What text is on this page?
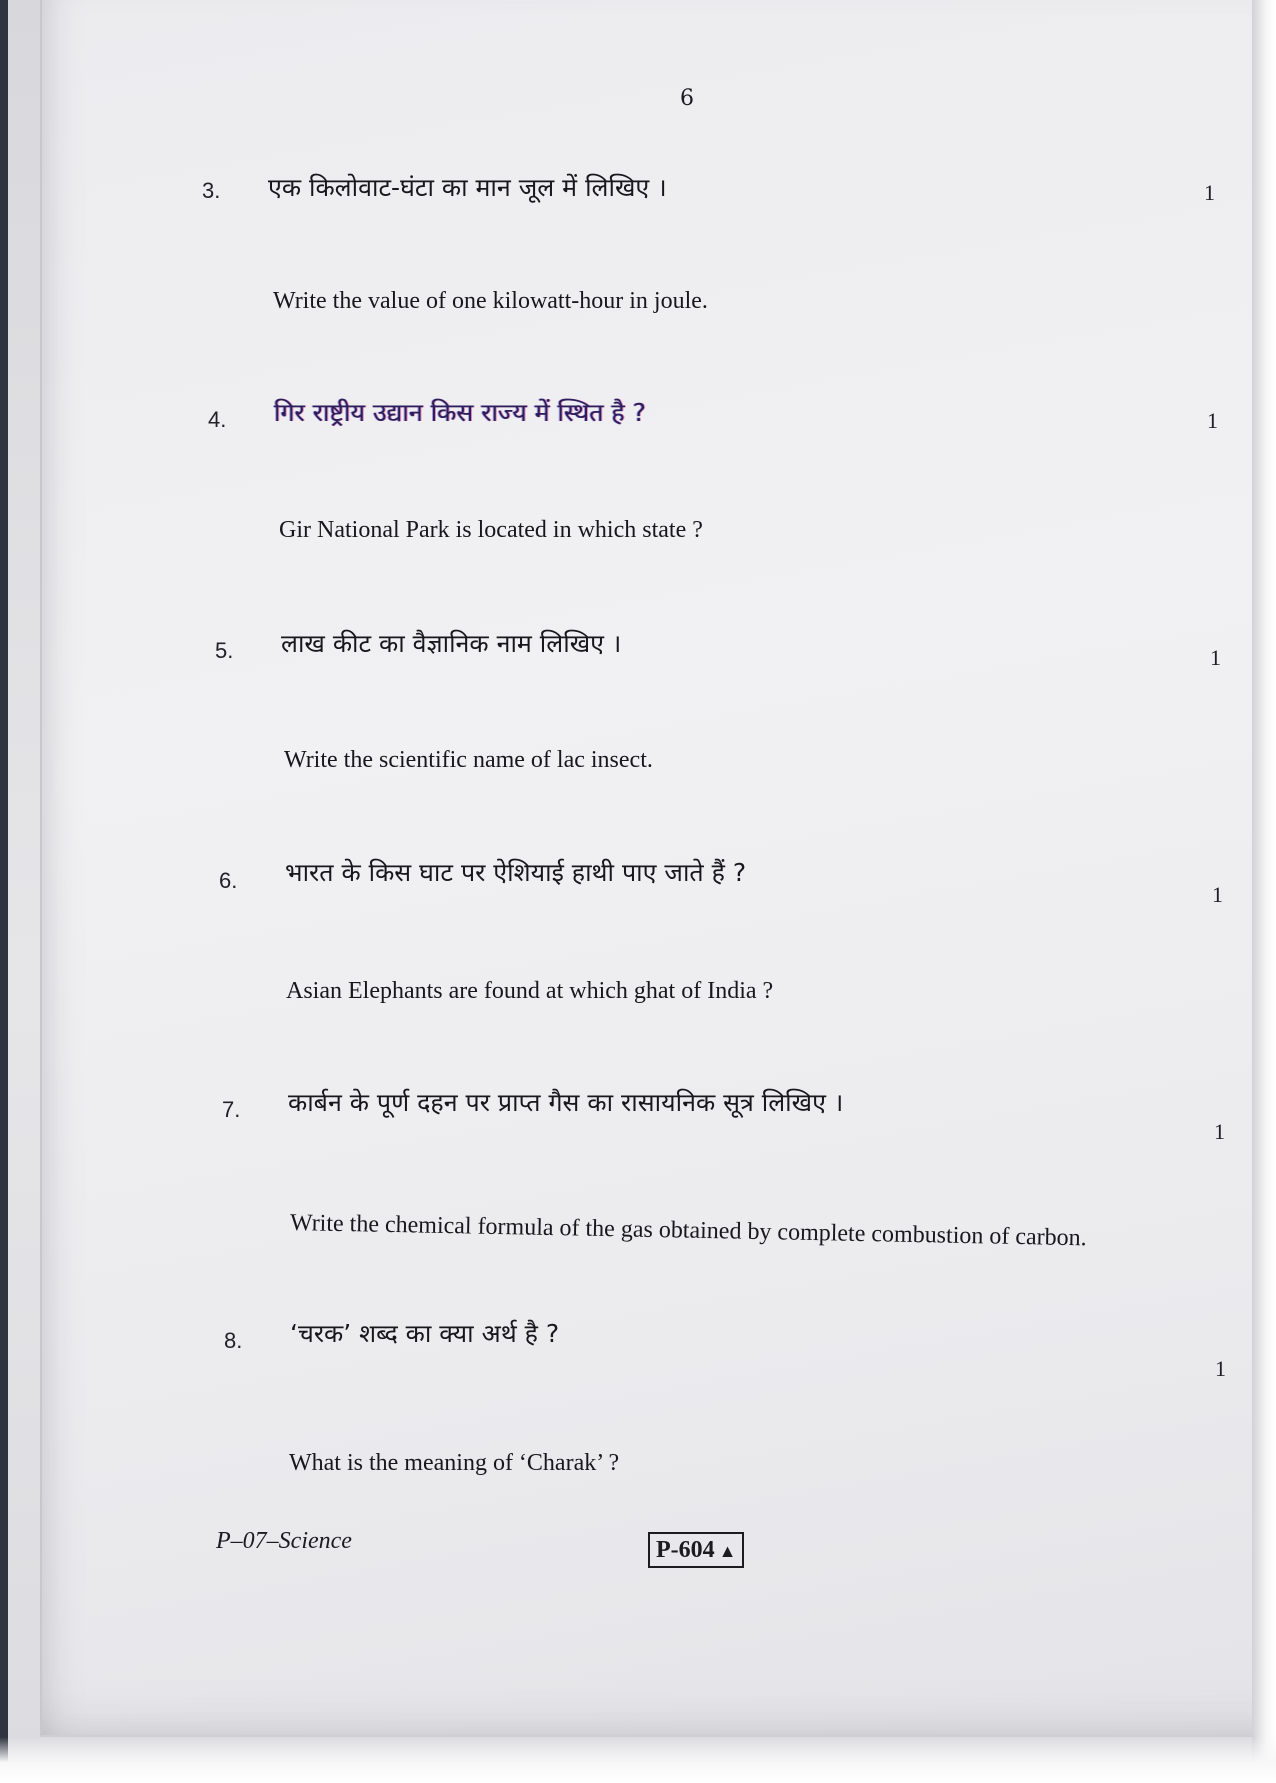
6
3. एक किलोवाट-घंटा का मान जूल में लिखिए ।	1
Write the value of one kilowatt-hour in joule.
4. गिर राष्ट्रीय उद्यान किस राज्य में स्थित है ?	1
Gir National Park is located in which state ?
5. लाख कीट का वैज्ञानिक नाम लिखिए ।	1
Write the scientific name of lac insect.
6. भारत के किस घाट पर ऐशियाई हाथी पाए जाते हैं ?
1
Asian Elephants are found at which ghat of India ?
7. कार्बन के पूर्ण दहन पर प्राप्त गैस का रासायनिक सूत्र लिखिए ।
1
Write the chemical formula of the gas obtained by complete combustion of carbon.
8. ‘चरक’ शब्द का क्या अर्थ है ?
1
What is the meaning of ‘Charak’ ?
P–07–Science	P-604 ▲
